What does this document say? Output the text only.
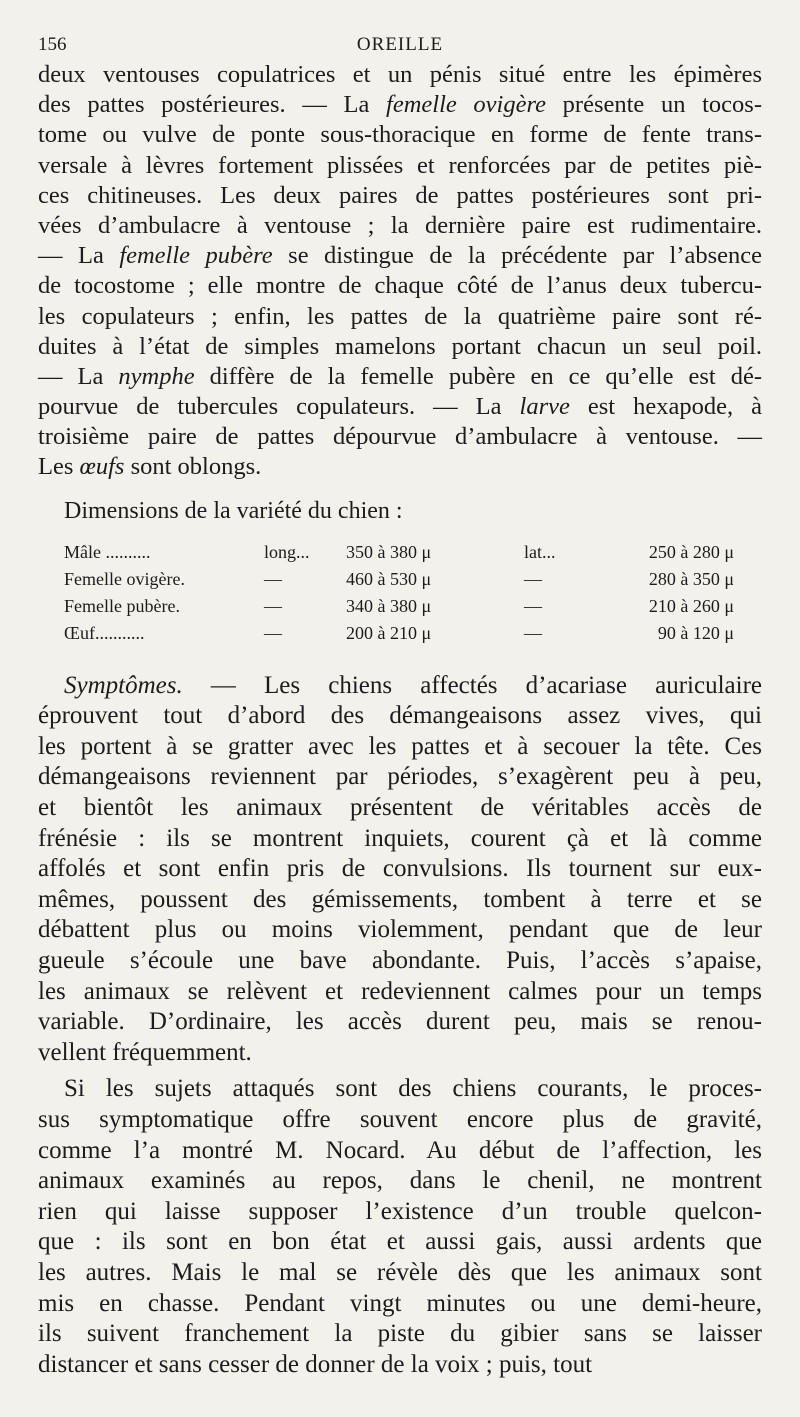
156	OREILLE
deux ventouses copulatrices et un pénis situé entre les épimères
des pattes postérieures. — La femelle ovigère présente un tocos-
tome ou vulve de ponte sous-thoracique en forme de fente trans-
versale à lèvres fortement plissées et renforcées par de petites piè-
ces chitineuses. Les deux paires de pattes postérieures sont pri-
vées d’ambulacre à ventouse ; la dernière paire est rudimentaire.
— La femelle pubère se distingue de la précédente par l’absence
de tocostome ; elle montre de chaque côté de l’anus deux tubercu-
les copulateurs ; enfin, les pattes de la quatrième paire sont ré-
duites à l’état de simples mamelons portant chacun un seul poil.
— La nymphe diffère de la femelle pubère en ce qu’elle est dé-
pourvue de tubercules copulateurs. — La larve est hexapode, à
troisième paire de pattes dépourvue d’ambulacre à ventouse. —
Les œufs sont oblongs.
Dimensions de la variété du chien :
Mâle ..........	long...	350 à 380 μ	lat...	250 à 280 μ
Femelle ovigère.	—	460 à 530 μ	—	280 à 350 μ
Femelle pubère.	—	340 à 380 μ	—	210 à 260 μ
Œuf...........	—	200 à 210 μ	—	90 à 120 μ
Symptômes. — Les chiens affectés d’acariase auriculaire
éprouvent tout d’abord des démangeaisons assez vives, qui
les portent à se gratter avec les pattes et à secouer la tête. Ces
démangeaisons reviennent par périodes, s’exagèrent peu à peu,
et bientôt les animaux présentent de véritables accès de
frénésie : ils se montrent inquiets, courent çà et là comme
affolés et sont enfin pris de convulsions. Ils tournent sur eux-
mêmes, poussent des gémissements, tombent à terre et se
débattent plus ou moins violemment, pendant que de leur
gueule s’écoule une bave abondante. Puis, l’accès s’apaise,
les animaux se relèvent et redeviennent calmes pour un temps
variable. D’ordinaire, les accès durent peu, mais se renou-
vellent fréquemment.
Si les sujets attaqués sont des chiens courants, le proces-
sus symptomatique offre souvent encore plus de gravité,
comme l’a montré M. Nocard. Au début de l’affection, les
animaux examinés au repos, dans le chenil, ne montrent
rien qui laisse supposer l’existence d’un trouble quelcon-
que : ils sont en bon état et aussi gais, aussi ardents que
les autres. Mais le mal se révèle dès que les animaux sont
mis en chasse. Pendant vingt minutes ou une demi-heure,
ils suivent franchement la piste du gibier sans se laisser
distancer et sans cesser de donner de la voix ; puis, tout
